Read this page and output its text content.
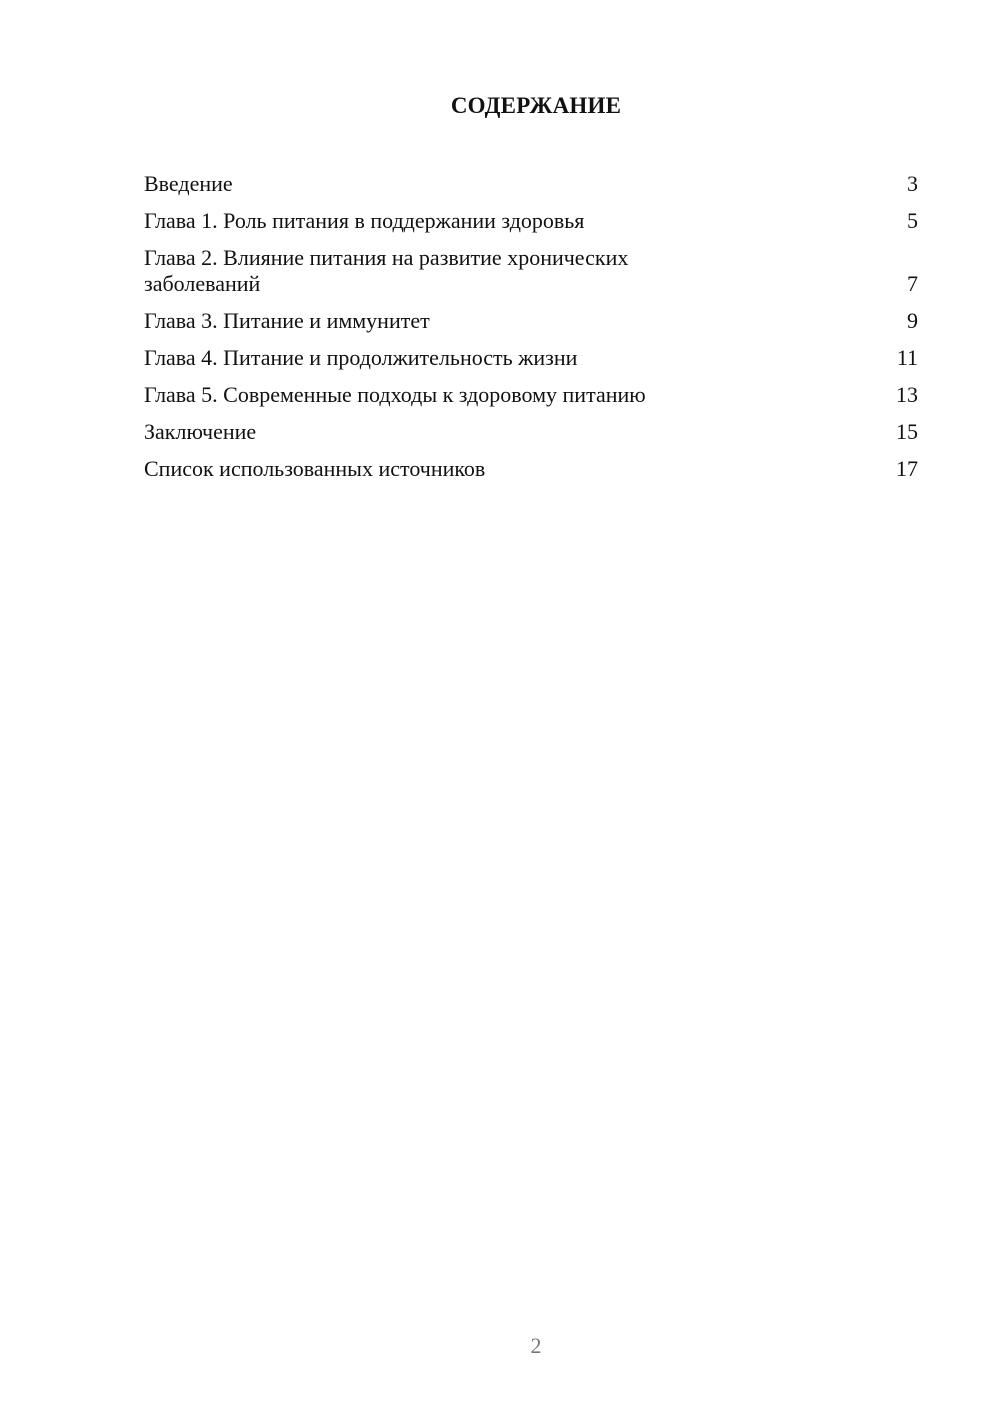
СОДЕРЖАНИЕ
Введение	3
Глава 1. Роль питания в поддержании здоровья	5
Глава 2. Влияние питания на развитие хронических заболеваний	7
Глава 3. Питание и иммунитет	9
Глава 4. Питание и продолжительность жизни	11
Глава 5. Современные подходы к здоровому питанию	13
Заключение	15
Список использованных источников	17
2
